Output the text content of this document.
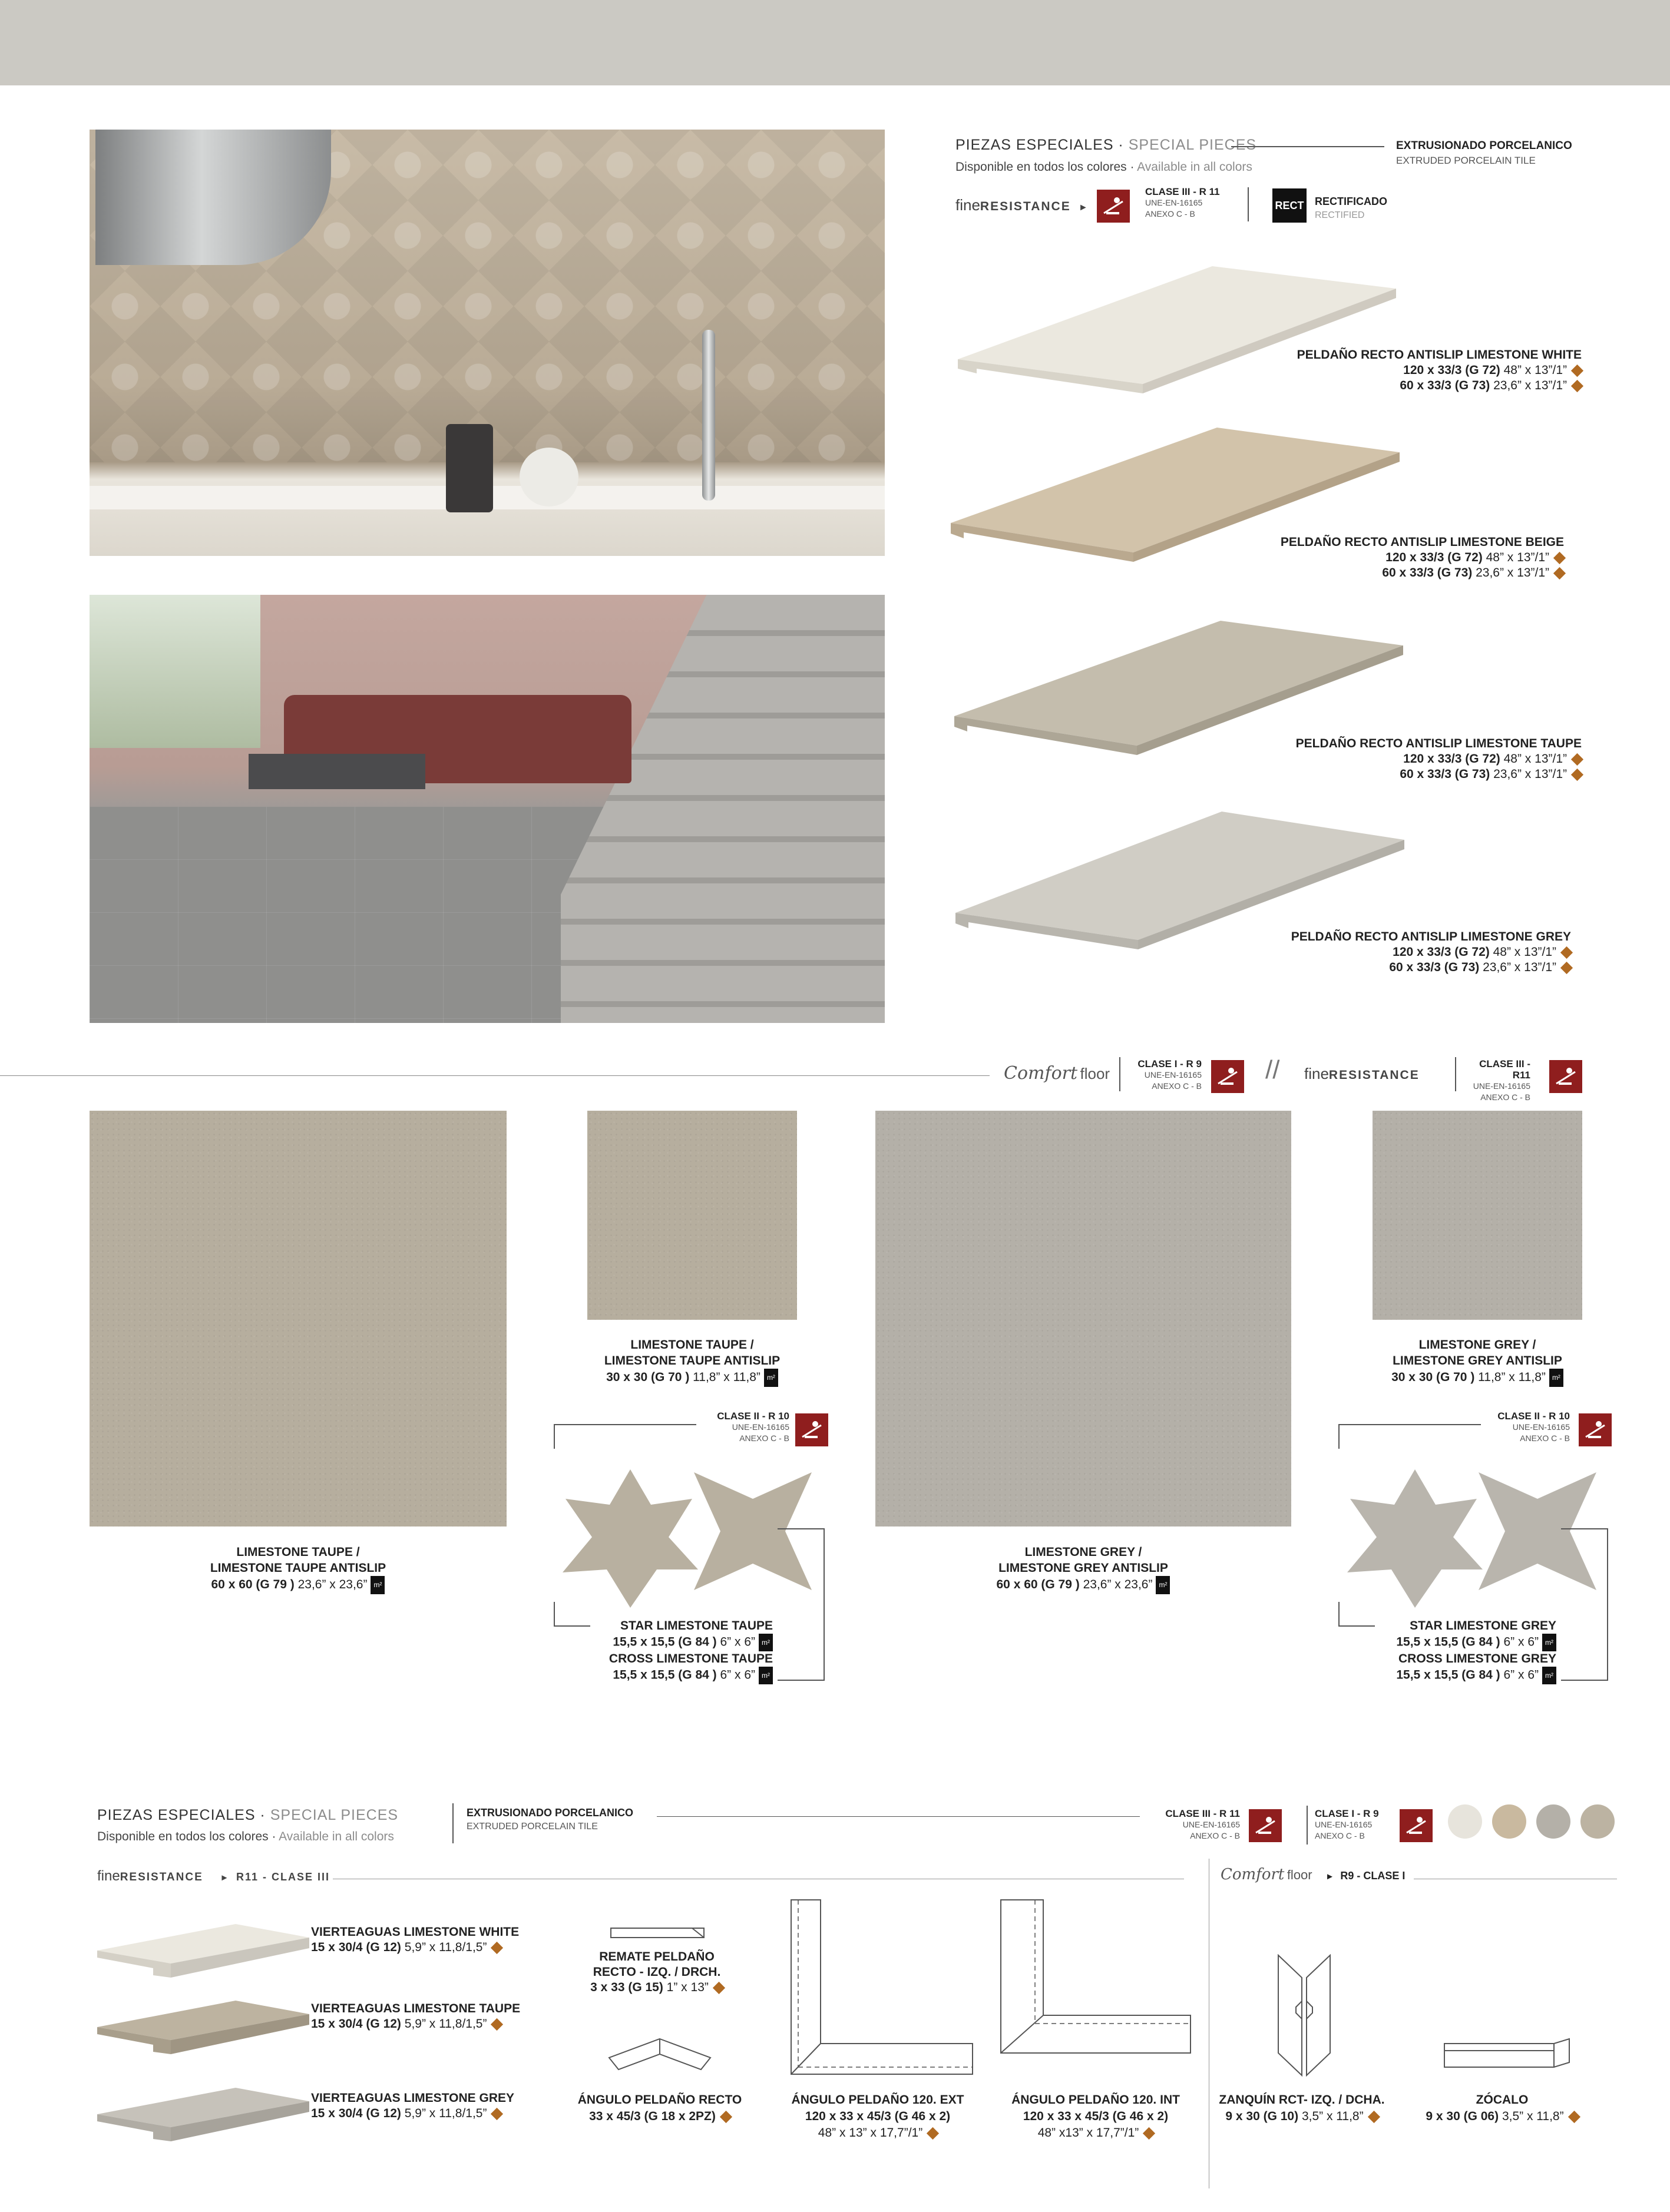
PIEZAS ESPECIALES · SPECIAL PIECES
Disponible en todos los colores · Available in all colors
EXTRUSIONADO PORCELANICO
EXTRUDED PORCELAIN TILE
fineRESISTANCE ►
CLASE III - R 11
UNE-EN-16165
ANEXO C - B
RECT RECTIFICADO
RECTIFIED
PELDAÑO RECTO ANTISLIP LIMESTONE WHITE
120 x 33/3 (G 72) 48” x 13”/1”
60 x 33/3 (G 73) 23,6” x 13”/1”
PELDAÑO RECTO ANTISLIP LIMESTONE BEIGE
120 x 33/3 (G 72) 48” x 13”/1”
60 x 33/3 (G 73) 23,6” x 13”/1”
PELDAÑO RECTO ANTISLIP LIMESTONE TAUPE
120 x 33/3 (G 72) 48” x 13”/1”
60 x 33/3 (G 73) 23,6” x 13”/1”
PELDAÑO RECTO ANTISLIP LIMESTONE GREY
120 x 33/3 (G 72) 48” x 13”/1”
60 x 33/3 (G 73) 23,6” x 13”/1”
Comfort floor
CLASE I - R 9
UNE-EN-16165
ANEXO C - B
// fineRESISTANCE
CLASE III - R11
UNE-EN-16165
ANEXO C - B
LIMESTONE TAUPE /
LIMESTONE TAUPE ANTISLIP
60 x 60 (G 79 ) 23,6” x 23,6” m²
LIMESTONE TAUPE /
LIMESTONE TAUPE ANTISLIP
30 x 30 (G 70 ) 11,8” x 11,8” m²
LIMESTONE GREY /
LIMESTONE GREY ANTISLIP
60 x 60 (G 79 ) 23,6” x 23,6” m²
LIMESTONE GREY /
LIMESTONE GREY ANTISLIP
30 x 30 (G 70 ) 11,8” x 11,8” m²
CLASE II - R 10
UNE-EN-16165
ANEXO C - B
STAR LIMESTONE TAUPE
15,5 x 15,5 (G 84 ) 6” x 6” m²
CROSS LIMESTONE TAUPE
15,5 x 15,5 (G 84 ) 6” x 6” m²
CLASE II - R 10
UNE-EN-16165
ANEXO C - B
STAR LIMESTONE GREY
15,5 x 15,5 (G 84 ) 6” x 6” m²
CROSS LIMESTONE GREY
15,5 x 15,5 (G 84 ) 6” x 6” m²
PIEZAS ESPECIALES · SPECIAL PIECES
Disponible en todos los colores · Available in all colors
EXTRUSIONADO PORCELANICO
EXTRUDED PORCELAIN TILE
CLASE III - R 11
UNE-EN-16165
ANEXO C - B
CLASE I - R 9
UNE-EN-16165
ANEXO C - B
fineRESISTANCE ► R11 - CLASE III	Comfort floor ► R9 - CLASE I
VIERTEAGUAS LIMESTONE WHITE
15 x 30/4 (G 12) 5,9” x 11,8/1,5”
VIERTEAGUAS LIMESTONE TAUPE
15 x 30/4 (G 12) 5,9” x 11,8/1,5”
VIERTEAGUAS LIMESTONE GREY
15 x 30/4 (G 12) 5,9” x 11,8/1,5”
REMATE PELDAÑO
RECTO - IZQ. / DRCH.
3 x 33 (G 15) 1” x 13”
ÁNGULO PELDAÑO RECTO
33 x 45/3 (G 18 x 2PZ)
ÁNGULO PELDAÑO 120. EXT
120 x 33 x 45/3 (G 46 x 2)
48” x 13” x 17,7”/1”
ÁNGULO PELDAÑO 120. INT
120 x 33 x 45/3 (G 46 x 2)
48” x13” x 17,7”/1”
ZANQUÍN RCT- IZQ. / DCHA.
9 x 30 (G 10) 3,5” x 11,8”
ZÓCALO
9 x 30 (G 06) 3,5” x 11,8”
